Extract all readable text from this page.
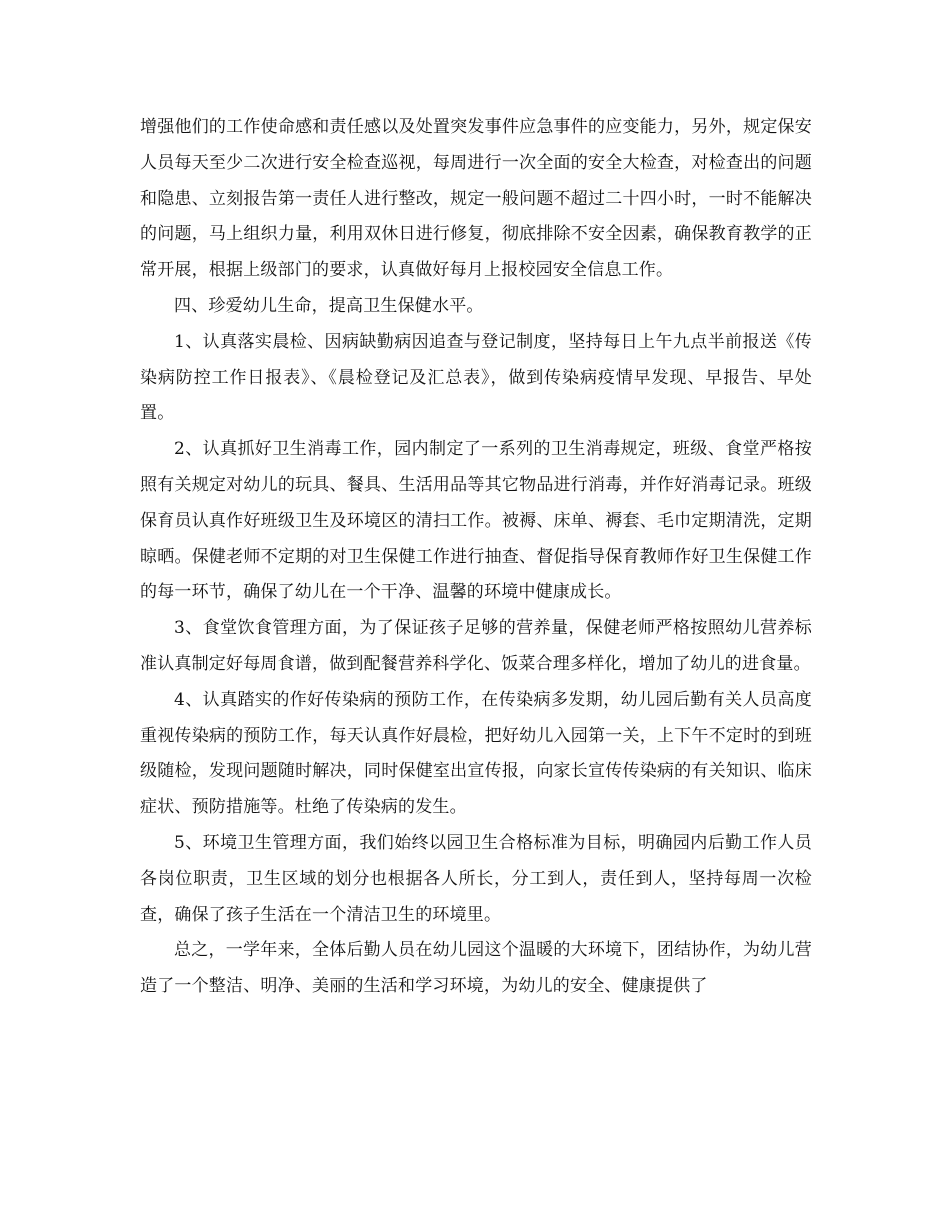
增强他们的工作使命感和责任感以及处置突发事件应急事件的应变能力，另外，规定保安人员每天至少二次进行安全检查巡视，每周进行一次全面的安全大检查，对检查出的问题和隐患、立刻报告第一责任人进行整改，规定一般问题不超过二十四小时，一时不能解决的问题，马上组织力量，利用双休日进行修复，彻底排除不安全因素，确保教育教学的正常开展，根据上级部门的要求，认真做好每月上报校园安全信息工作。

四、珍爱幼儿生命，提高卫生保健水平。

1、认真落实晨检、因病缺勤病因追查与登记制度，坚持每日上午九点半前报送《传染病防控工作日报表》、《晨检登记及汇总表》，做到传染病疫情早发现、早报告、早处置。

2、认真抓好卫生消毒工作，园内制定了一系列的卫生消毒规定，班级、食堂严格按照有关规定对幼儿的玩具、餐具、生活用品等其它物品进行消毒，并作好消毒记录。班级保育员认真作好班级卫生及环境区的清扫工作。被褥、床单、褥套、毛巾定期清洗，定期晾晒。保健老师不定期的对卫生保健工作进行抽查、督促指导保育教师作好卫生保健工作的每一环节，确保了幼儿在一个干净、温馨的环境中健康成长。

3、食堂饮食管理方面，为了保证孩子足够的营养量，保健老师严格按照幼儿营养标准认真制定好每周食谱，做到配餐营养科学化、饭菜合理多样化，增加了幼儿的进食量。

4、认真踏实的作好传染病的预防工作，在传染病多发期，幼儿园后勤有关人员高度重视传染病的预防工作，每天认真作好晨检，把好幼儿入园第一关，上下午不定时的到班级随检，发现问题随时解决，同时保健室出宣传报，向家长宣传传染病的有关知识、临床症状、预防措施等。杜绝了传染病的发生。

5、环境卫生管理方面，我们始终以园卫生合格标准为目标，明确园内后勤工作人员各岗位职责，卫生区域的划分也根据各人所长，分工到人，责任到人，坚持每周一次检查，确保了孩子生活在一个清洁卫生的环境里。

总之，一学年来，全体后勤人员在幼儿园这个温暖的大环境下，团结协作，为幼儿营造了一个整洁、明净、美丽的生活和学习环境，为幼儿的安全、健康提供了
